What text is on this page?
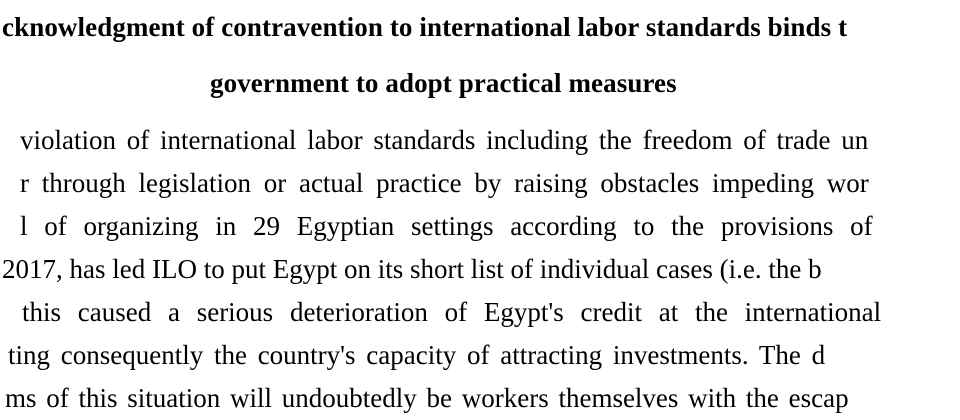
cknowledgment of contravention to international labor standards binds t
government to adopt practical measures
violation of international labor standards including the freedom of trade un
r through legislation or actual practice by raising obstacles impeding wor
l of organizing in 29 Egyptian settings according to the provisions of
2017, has led ILO to put Egypt on its short list of individual cases (i.e. the b
this caused a serious deterioration of Egypt's credit at the international
ting consequently the country's capacity of attracting investments. The d
ms of this situation will undoubtedly be workers themselves with the escap
